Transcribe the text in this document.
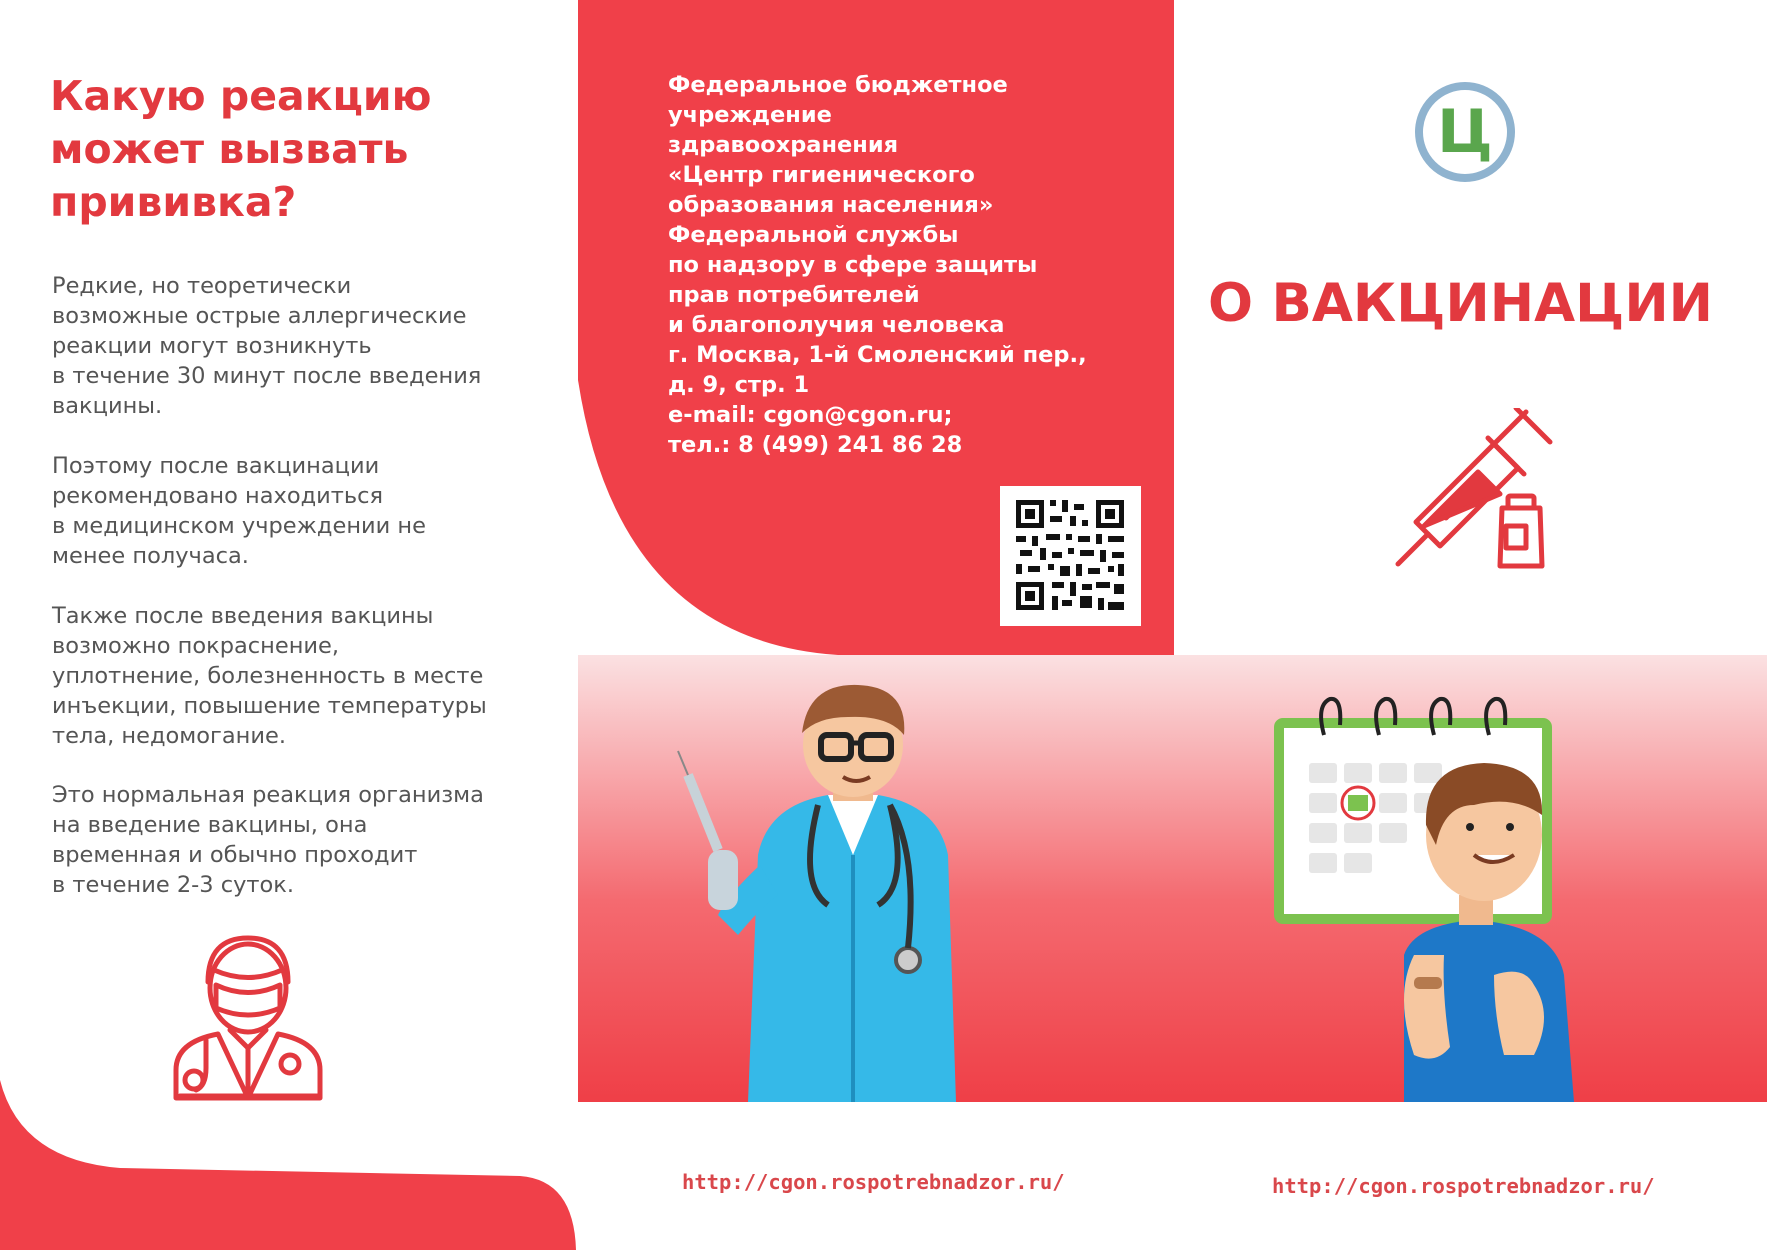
Какую реакцию
может вызвать
прививка?
Редкие, но теоретически
возможные острые аллергические
реакции могут возникнуть
в течение 30 минут после введения
вакцины.
Поэтому после вакцинации
рекомендовано находиться
в медицинском учреждении не
менее получаса.
Также после введения вакцины
возможно покраснение,
уплотнение, болезненность в месте
инъекции, повышение температуры
тела, недомогание.
Это нормальная реакция организма
на введение вакцины, она
временная и обычно проходит
в течение 2-3 суток.
Федеральное бюджетное
учреждение
здравоохранения
«Центр гигиенического
образования населения»
Федеральной службы
по надзору в сфере защиты
прав потребителей
и благополучия человека
г. Москва, 1-й Смоленский пер.,
д. 9, стр. 1
e-mail: cgon@cgon.ru;
тел.: 8 (499) 241 86 28
http://cgon.rospotrebnadzor.ru/
Ц
О ВАКЦИНАЦИИ
http://cgon.rospotrebnadzor.ru/
